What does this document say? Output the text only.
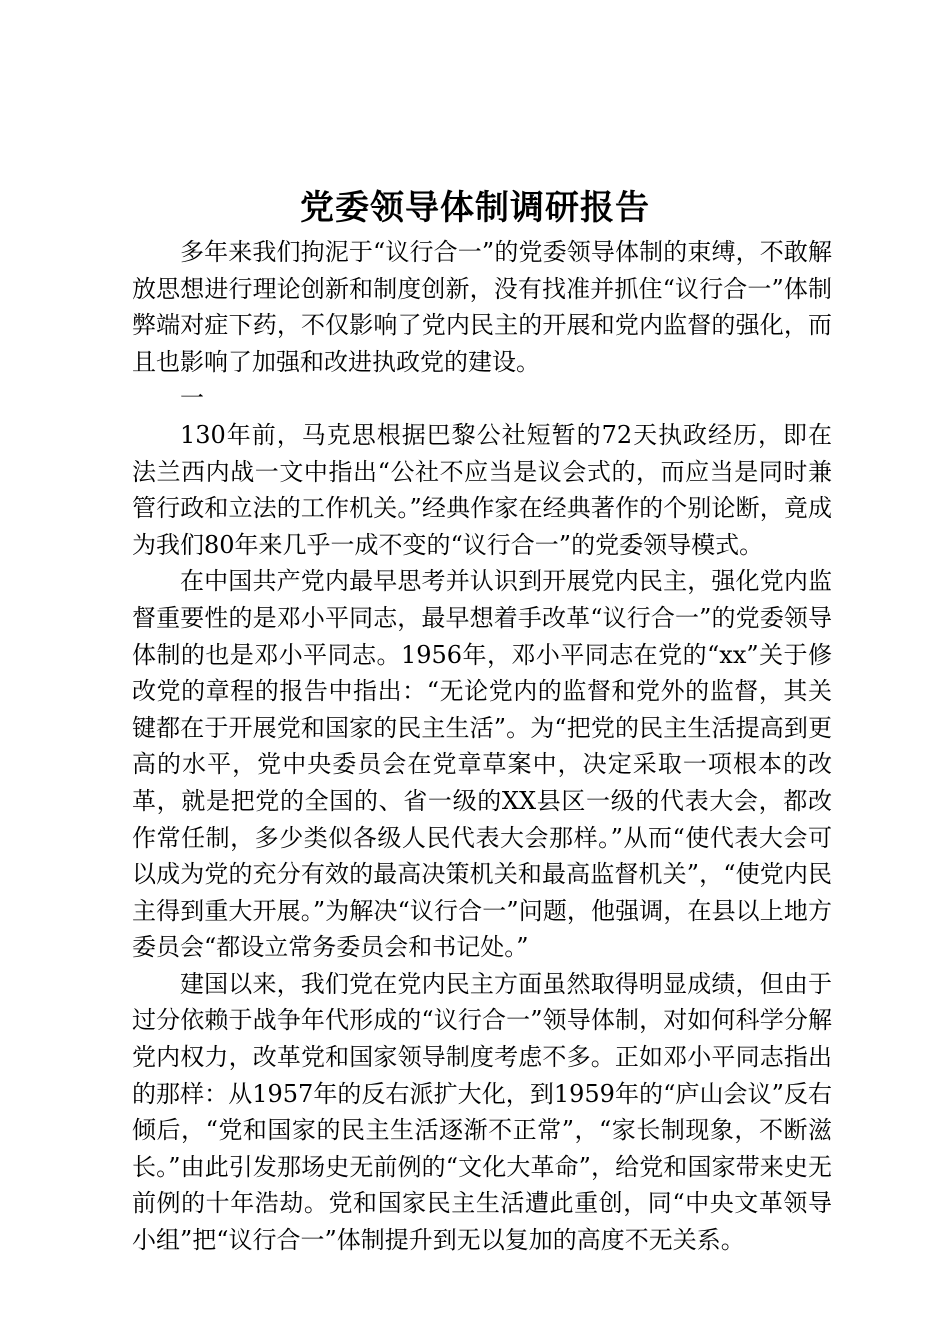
党委领导体制调研报告

多年来我们拘泥于“议行合一”的党委领导体制的束缚，不敢解放思想进行理论创新和制度创新，没有找准并抓住“议行合一”体制弊端对症下药，不仅影响了党内民主的开展和党内监督的强化，而且也影响了加强和改进执政党的建设。

一

130年前，马克思根据巴黎公社短暂的72天执政经历，即在法兰西内战一文中指出“公社不应当是议会式的，而应当是同时兼管行政和立法的工作机关。”经典作家在经典著作的个别论断，竟成为我们80年来几乎一成不变的“议行合一”的党委领导模式。

在中国共产党内最早思考并认识到开展党内民主，强化党内监督重要性的是邓小平同志，最早想着手改革“议行合一”的党委领导体制的也是邓小平同志。1956年，邓小平同志在党的“xx”关于修改党的章程的报告中指出：“无论党内的监督和党外的监督，其关键都在于开展党和国家的民主生活”。为“把党的民主生活提高到更高的水平，党中央委员会在党章草案中，决定采取一项根本的改革，就是把党的全国的、省一级的XX县区一级的代表大会，都改作常任制，多少类似各级人民代表大会那样。”从而“使代表大会可以成为党的充分有效的最高决策机关和最高监督机关”，“使党内民主得到重大开展。”为解决“议行合一”问题，他强调，在县以上地方委员会“都设立常务委员会和书记处。”

建国以来，我们党在党内民主方面虽然取得明显成绩，但由于过分依赖于战争年代形成的“议行合一”领导体制，对如何科学分解党内权力，改革党和国家领导制度考虑不多。正如邓小平同志指出的那样：从1957年的反右派扩大化，到1959年的“庐山会议”反右倾后，“党和国家的民主生活逐渐不正常”，“家长制现象，不断滋长。”由此引发那场史无前例的“文化大革命”，给党和国家带来史无前例的十年浩劫。党和国家民主生活遭此重创，同“中央文革领导小组”把“议行合一”体制提升到无以复加的高度不无关系。
